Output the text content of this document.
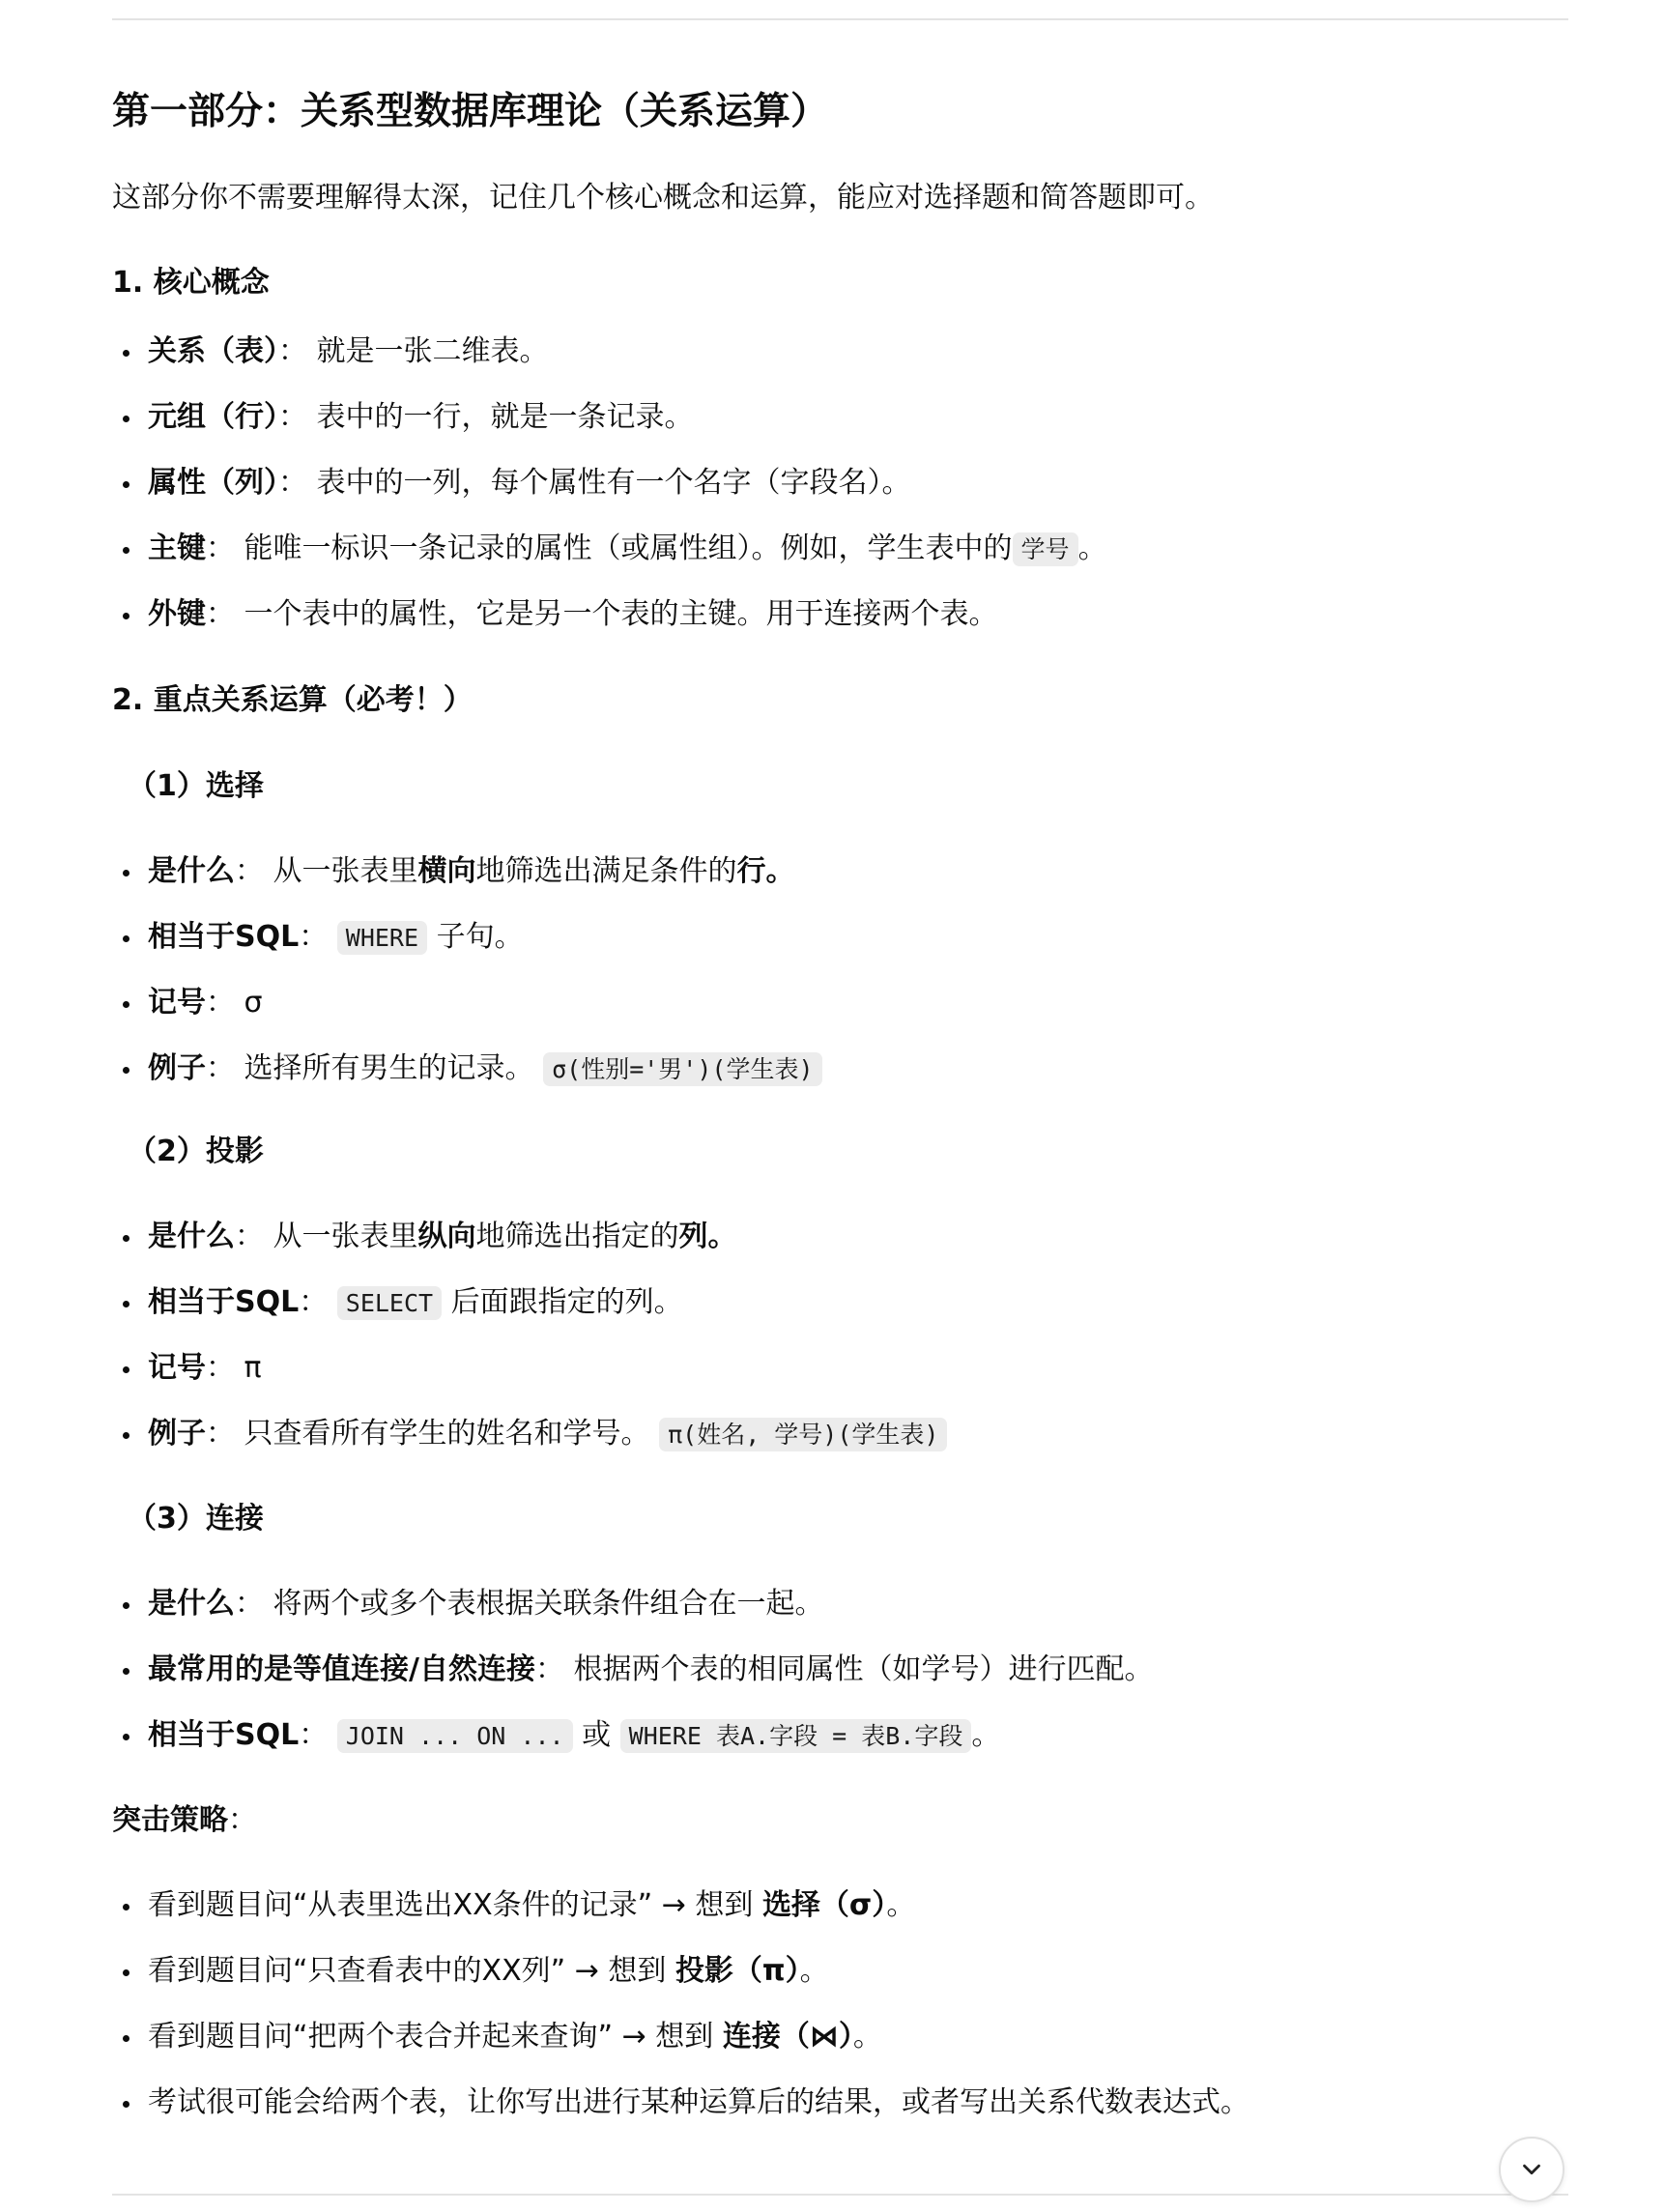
第一部分：关系型数据库理论（关系运算）
这部分你不需要理解得太深，记住几个核心概念和运算，能应对选择题和简答题即可。
1. 核心概念
关系（表）： 就是一张二维表。
元组（行）： 表中的一行，就是一条记录。
属性（列）： 表中的一列，每个属性有一个名字（字段名）。
主键： 能唯一标识一条记录的属性（或属性组）。例如，学生表中的 学号 。
外键： 一个表中的属性，它是另一个表的主键。用于连接两个表。
2. 重点关系运算（必考！）
（1）选择
是什么： 从一张表里横向地筛选出满足条件的行。
相当于SQL： WHERE 子句。
记号： σ
例子： 选择所有男生的记录。 σ(性别='男')(学生表)
（2）投影
是什么： 从一张表里纵向地筛选出指定的列。
相当于SQL： SELECT 后面跟指定的列。
记号： π
例子： 只查看所有学生的姓名和学号。 π(姓名, 学号)(学生表)
（3）连接
是什么： 将两个或多个表根据关联条件组合在一起。
最常用的是等值连接/自然连接： 根据两个表的相同属性（如学号）进行匹配。
相当于SQL： JOIN ... ON ... 或 WHERE 表A.字段 = 表B.字段 。
突击策略：
看到题目问“从表里选出XX条件的记录” → 想到 选择（σ）。
看到题目问“只查看表中的XX列” → 想到 投影（π）。
看到题目问“把两个表合并起来查询” → 想到 连接（⋈）。
考试很可能会给两个表，让你写出进行某种运算后的结果，或者写出关系代数表达式。
